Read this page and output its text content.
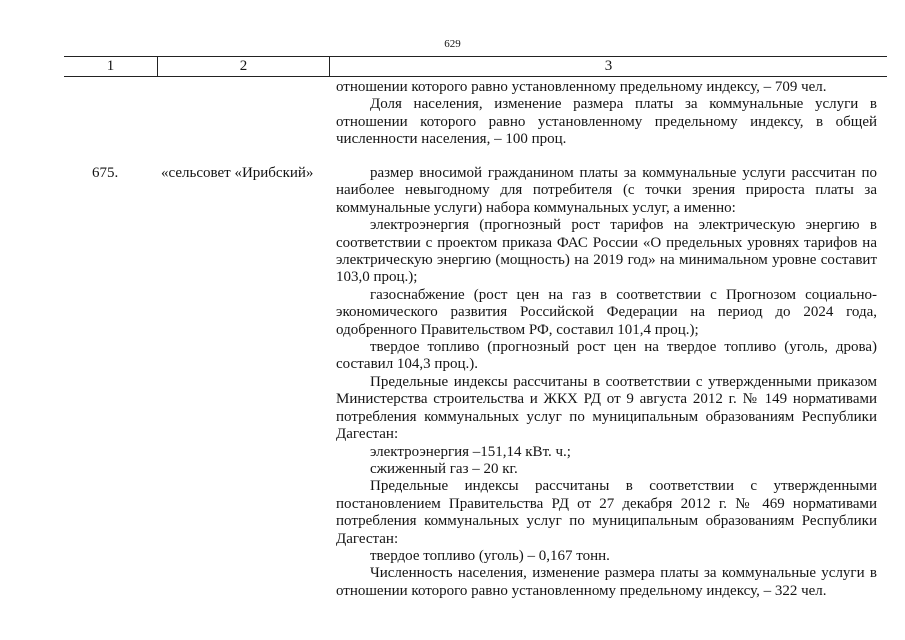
629
1	2	3

отношении которого равно установленному предельному индексу, – 709 чел.

Доля населения, изменение размера платы за коммунальные услуги в отношении которого равно установленному предельному индексу, в общей численности населения, – 100 проц.

675.	«сельсовет «Ирибский»	размер вносимой гражданином платы за коммунальные услуги рассчитан по наиболее невыгодному для потребителя (с точки зрения прироста платы за коммунальные услуги) набора коммунальных услуг, а именно:

электроэнергия (прогнозный рост тарифов на электрическую энергию в соответствии с проектом приказа ФАС России «О предельных уровнях тарифов на электрическую энергию (мощность) на 2019 год» на минимальном уровне составит 103,0 проц.);

газоснабжение (рост цен на газ в соответствии с Прогнозом социально-экономического развития Российской Федерации на период до 2024 года, одобренного Правительством РФ, составил 101,4 проц.);

твердое топливо (прогнозный рост цен на твердое топливо (уголь, дрова) составил 104,3 проц.).

Предельные индексы рассчитаны в соответствии с утвержденными приказом Министерства строительства и ЖКХ РД от 9 августа 2012 г. № 149 нормативами потребления коммунальных услуг по муниципальным образованиям Республики Дагестан:

электроэнергия –151,14 кВт. ч.;

сжиженный газ – 20 кг.

Предельные индексы рассчитаны в соответствии с утвержденными постановлением Правительства РД от 27 декабря 2012 г. № 469 нормативами потребления коммунальных услуг по муниципальным образованиям Республики Дагестан:

твердое топливо (уголь) – 0,167 тонн.

Численность населения, изменение размера платы за коммунальные услуги в отношении которого равно установленному предельному индексу, – 322 чел.
